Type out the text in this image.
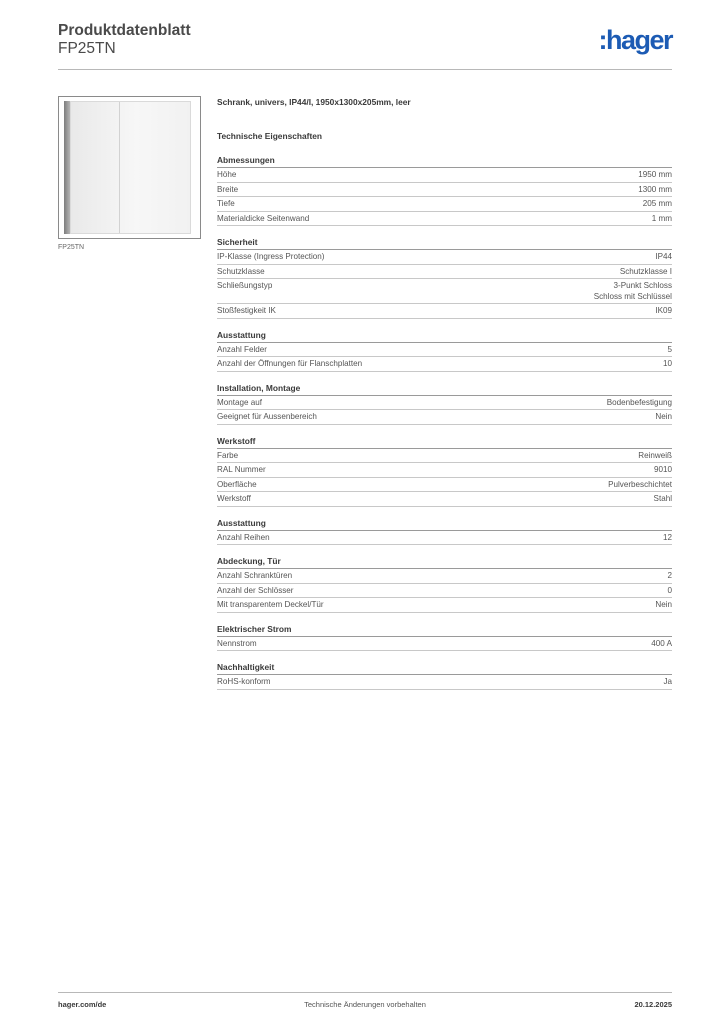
Produktdatenblatt
FP25TN	:hager
FP25TN
Schrank, univers, IP44/I, 1950x1300x205mm, leer
Technische Eigenschaften
Abmessungen
Höhe	1950 mm
Breite	1300 mm
Tiefe	205 mm
Materialdicke Seitenwand	1 mm
Sicherheit
IP-Klasse (Ingress Protection)	IP44
Schutzklasse	Schutzklasse I
Schließungstyp	3-Punkt Schloss
Schloss mit Schlüssel
Stoßfestigkeit IK	IK09
Ausstattung
Anzahl Felder	5
Anzahl der Öffnungen für Flanschplatten	10
Installation, Montage
Montage auf	Bodenbefestigung
Geeignet für Aussenbereich	Nein
Werkstoff
Farbe	Reinweiß
RAL Nummer	9010
Oberfläche	Pulverbeschichtet
Werkstoff	Stahl
Ausstattung
Anzahl Reihen	12
Abdeckung, Tür
Anzahl Schranktüren	2
Anzahl der Schlösser	0
Mit transparentem Deckel/Tür	Nein
Elektrischer Strom
Nennstrom	400 A
Nachhaltigkeit
RoHS-konform	Ja
hager.com/de	Technische Änderungen vorbehalten	20.12.2025
